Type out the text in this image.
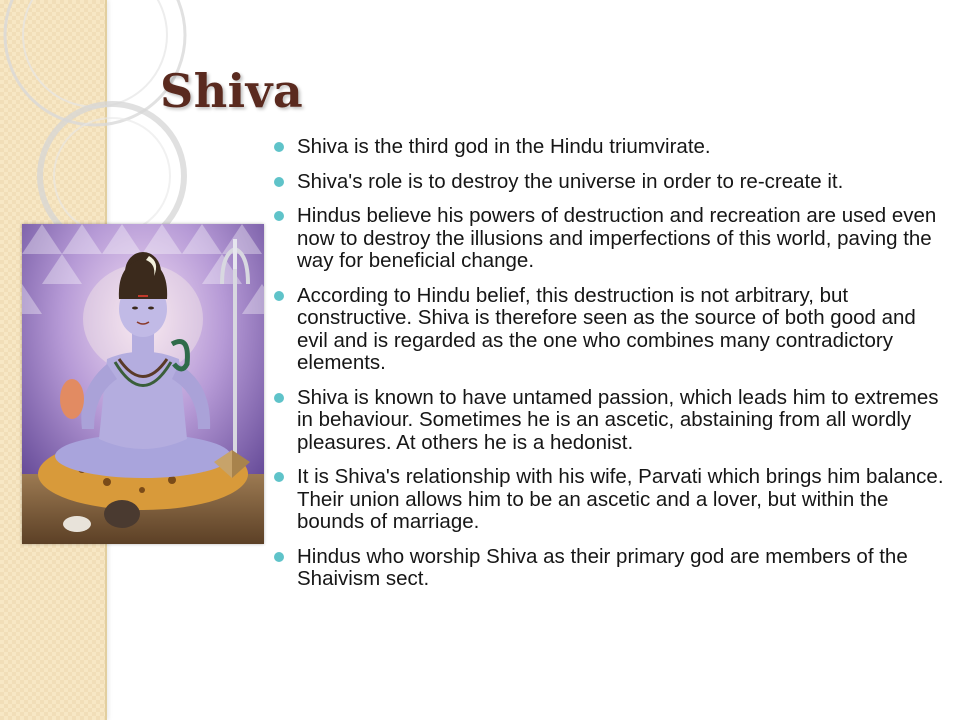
Shiva
Shiva is the third god in the Hindu triumvirate.
Shiva's role is to destroy the universe in order to re-create it.
Hindus believe his powers of destruction and recreation are used even now to destroy the illusions and imperfections of this world, paving the way for beneficial change.
According to Hindu belief, this destruction is not arbitrary, but constructive. Shiva is therefore seen as the source of both good and evil and is regarded as the one who combines many contradictory elements.
Shiva is known to have untamed passion, which leads him to extremes in behaviour. Sometimes he is an ascetic, abstaining from all wordly pleasures. At others he is a hedonist.
It is Shiva's relationship with his wife, Parvati which brings him balance. Their union allows him to be an ascetic and a lover, but within the bounds of marriage.
Hindus who worship Shiva as their primary god are members of the Shaivism sect.
